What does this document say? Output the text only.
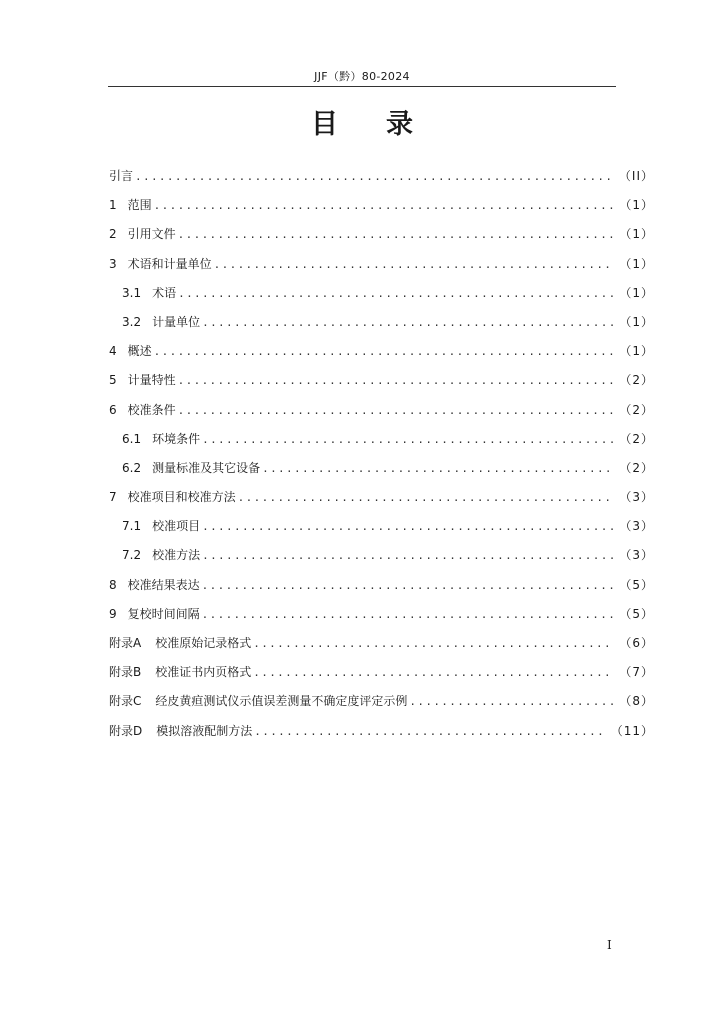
JJF（黔）80-2024
目 录
引言 .....	（II）
1 范围 .....	（1）
2 引用文件 .....	（1）
3 术语和计量单位 .....	（1）
3.1 术语 .....	（1）
3.2 计量单位 .....	（1）
4 概述 .....	（1）
5 计量特性 .....	（2）
6 校准条件 .....	（2）
6.1 环境条件 .....	（2）
6.2 测量标准及其它设备 .....	（2）
7 校准项目和校准方法 .....	（3）
7.1 校准项目 .....	（3）
7.2 校准方法 .....	（3）
8 校准结果表达 .....	（5）
9 复校时间间隔 .....	（5）
附录A 校准原始记录格式 .....	（6）
附录B 校准证书内页格式 .....	（7）
附录C 经皮黄疸测试仪示值误差测量不确定度评定示例 .....	（8）
附录D 模拟溶液配制方法 .....	（11）
I
